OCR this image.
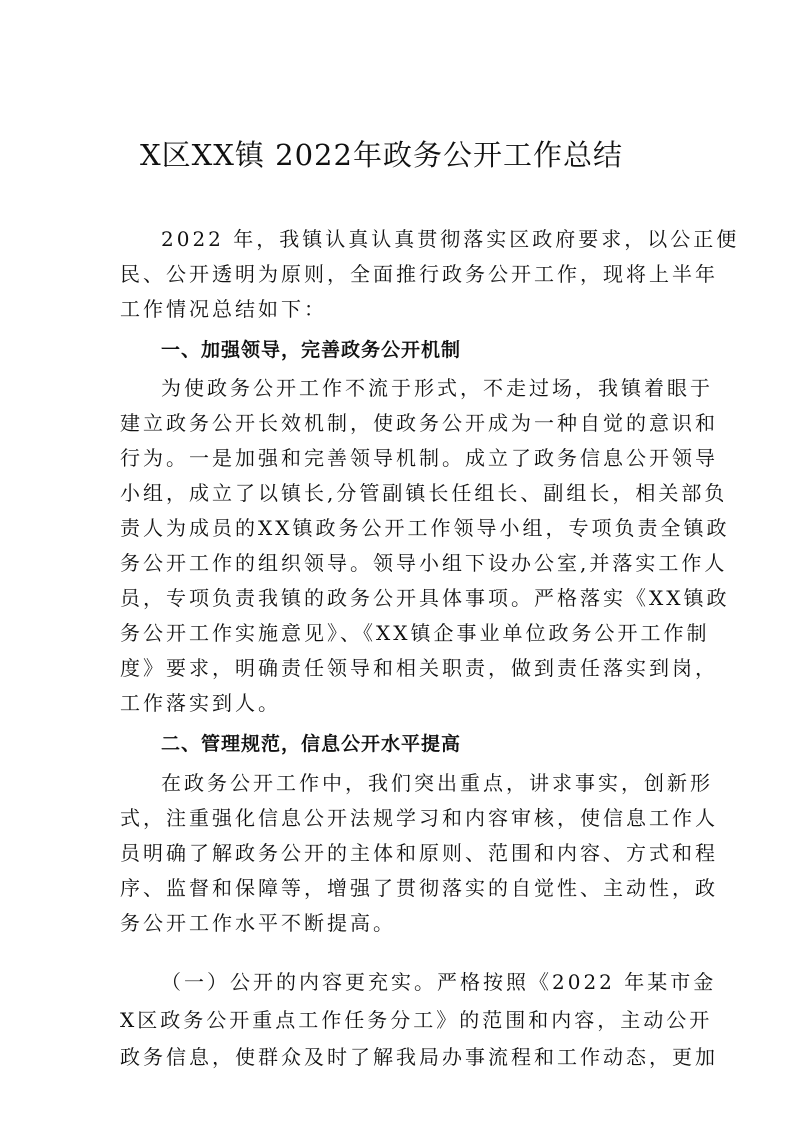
X区XX镇 2022年政务公开工作总结
2022 年，我镇认真认真贯彻落实区政府要求，以公正便
民、公开透明为原则，全面推行政务公开工作，现将上半年
工作情况总结如下：
一、加强领导，完善政务公开机制
为使政务公开工作不流于形式，不走过场，我镇着眼于
建立政务公开长效机制，使政务公开成为一种自觉的意识和
行为。一是加强和完善领导机制。成立了政务信息公开领导
小组，成立了以镇长,分管副镇长任组长、副组长，相关部负
责人为成员的XX镇政务公开工作领导小组，专项负责全镇政
务公开工作的组织领导。领导小组下设办公室,并落实工作人
员，专项负责我镇的政务公开具体事项。严格落实《XX镇政
务公开工作实施意见》、《XX镇企事业单位政务公开工作制
度》要求，明确责任领导和相关职责，做到责任落实到岗，
工作落实到人。
二、管理规范，信息公开水平提高
在政务公开工作中，我们突出重点，讲求事实，创新形
式，注重强化信息公开法规学习和内容审核，使信息工作人
员明确了解政务公开的主体和原则、范围和内容、方式和程
序、监督和保障等，增强了贯彻落实的自觉性、主动性，政
务公开工作水平不断提高。
（一）公开的内容更充实。严格按照《2022 年某市金
X区政务公开重点工作任务分工》的范围和内容，主动公开
政务信息，使群众及时了解我局办事流程和工作动态，更加
